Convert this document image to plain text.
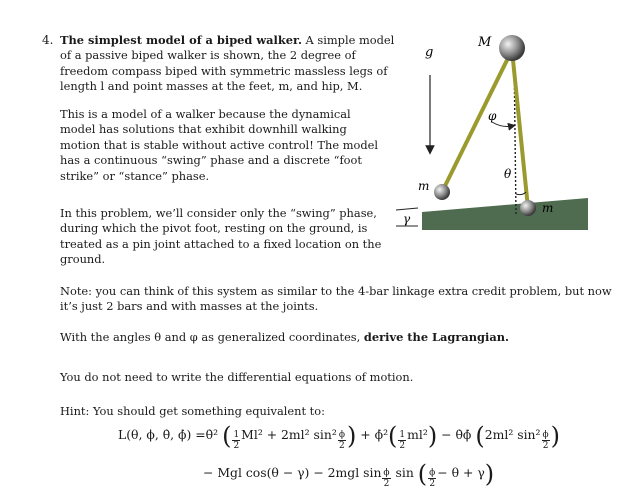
4. The simplest model of a biped walker. A simple model of a passive biped walker is shown, the 2 degree of freedom compass biped with symmetric massless legs of length l and point masses at the feet, m, and hip, M.

This is a model of a walker because the dynamical model has solutions that exhibit downhill walking motion that is stable without active control! The model has a continuous “swing” phase and a discrete “foot strike” or “stance” phase.

In this problem, we’ll consider only the “swing” phase, during which the pivot foot, resting on the ground, is treated as a pin joint attached to a fixed location on the ground.

Note: you can think of this system as similar to the 4-bar linkage extra credit problem, but now it’s just 2 bars and with masses at the joints.

With the angles θ and φ as generalized coordinates, derive the Lagrangian.

You do not need to write the differential equations of motion.

Hint: You should get something equivalent to:

g
γ
φ
θ
M
m
m
L(θ, ϕ, θ̇, ϕ̇) =θ̇² ( $\frac{1}{2} Ml^2 + 2ml^2$ $\sin^2 \frac{\phi}{2}$ ) + ϕ̇²( $\frac{1}{2} ml^2$) − θ̇ϕ̇ (2ml² $\sin^2 \frac{\phi}{2}$ )
− Mgl cos(θ − γ) − 2mgl $\sin \frac{\phi}{2}$ sin ( $\frac{\phi}{2} - \theta + \gamma$)
